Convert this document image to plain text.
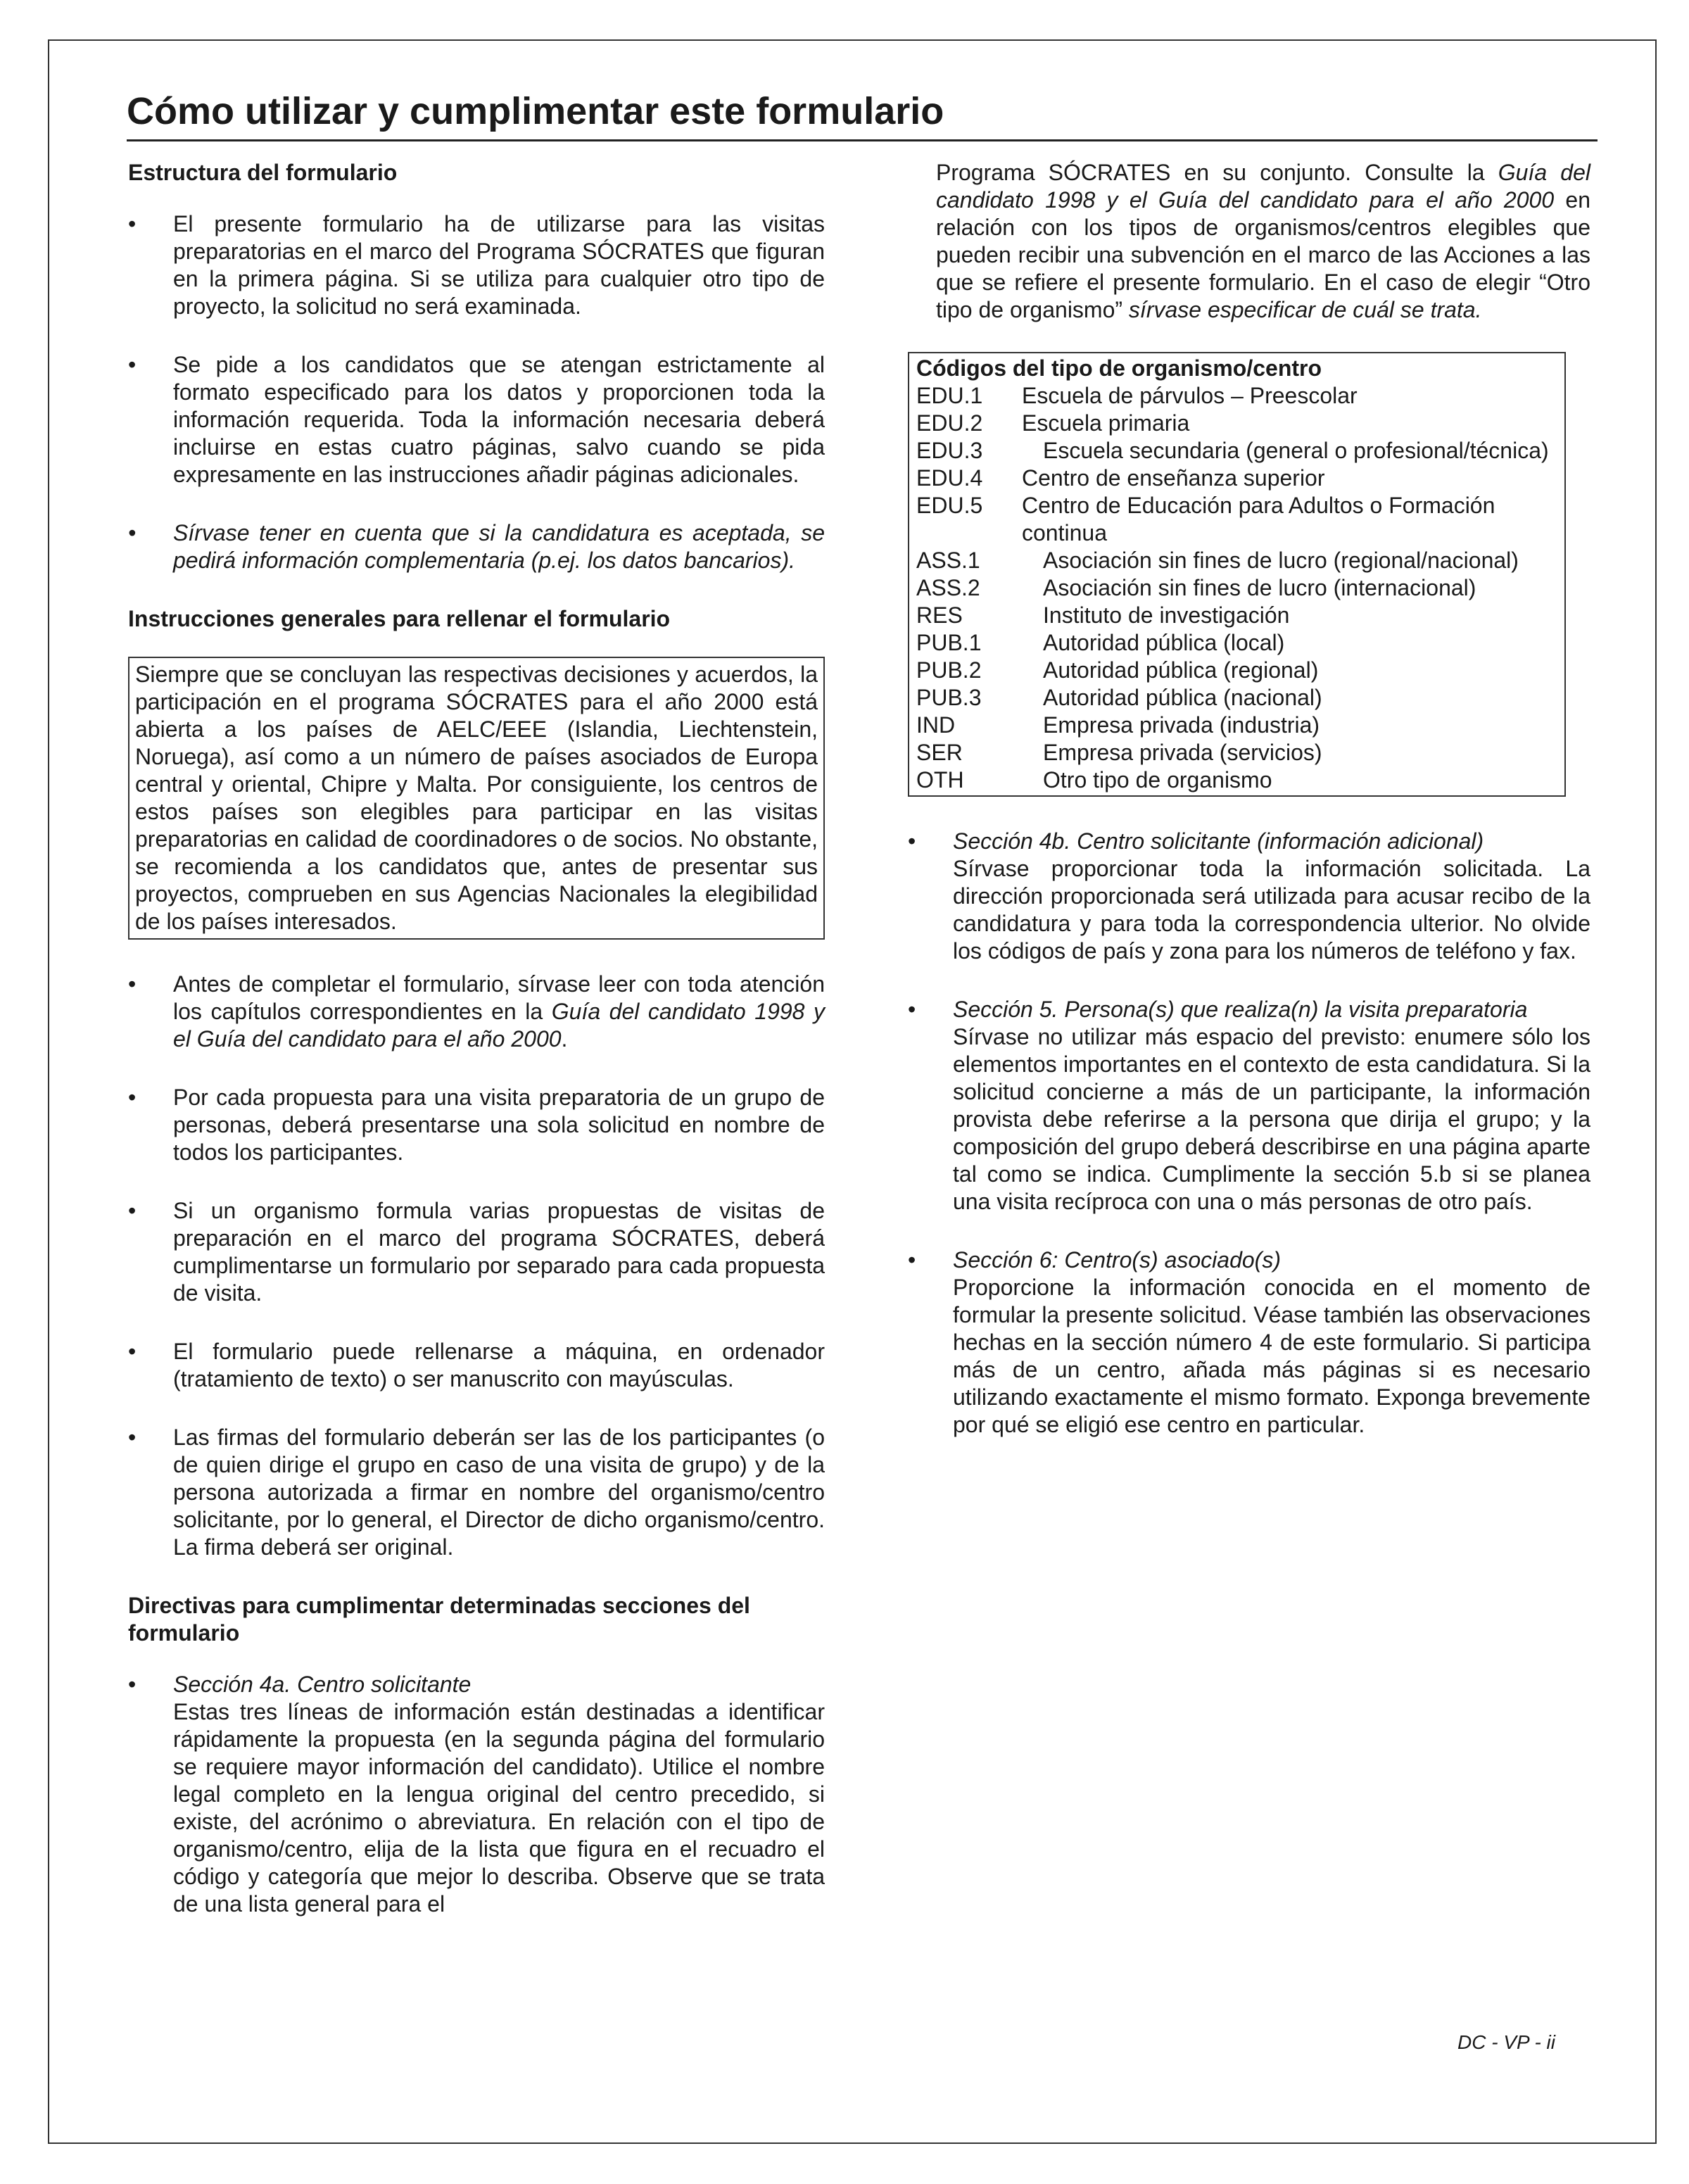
Cómo utilizar y cumplimentar este formulario
Estructura del formulario
• El presente formulario ha de utilizarse para las visitas preparatorias en el marco del Programa SÓCRATES que figuran en la primera página. Si se utiliza para cualquier otro tipo de proyecto, la solicitud no será examinada.
• Se pide a los candidatos que se atengan estrictamente al formato especificado para los datos y proporcionen toda la información requerida. Toda la información necesaria deberá incluirse en estas cuatro páginas, salvo cuando se pida expresamente en las instrucciones añadir páginas adicionales.
• Sírvase tener en cuenta que si la candidatura es aceptada, se pedirá información complementaria (p.ej. los datos bancarios).
Instrucciones generales para rellenar el formulario
Siempre que se concluyan las respectivas decisiones y acuerdos, la participación en el programa SÓCRATES para el año 2000 está abierta a los países de AELC/EEE (Islandia, Liechtenstein, Noruega), así como a un número de países asociados de Europa central y oriental, Chipre y Malta. Por consiguiente, los centros de estos países son elegibles para participar en las visitas preparatorias en calidad de coordinadores o de socios. No obstante, se recomienda a los candidatos que, antes de presentar sus proyectos, comprueben en sus Agencias Nacionales la elegibilidad de los países interesados.
• Antes de completar el formulario, sírvase leer con toda atención los capítulos correspondientes en la Guía del candidato 1998 y el Guía del candidato para el año 2000.
• Por cada propuesta para una visita preparatoria de un grupo de personas, deberá presentarse una sola solicitud en nombre de todos los participantes.
• Si un organismo formula varias propuestas de visitas de preparación en el marco del programa SÓCRATES, deberá cumplimentarse un formulario por separado para cada propuesta de visita.
• El formulario puede rellenarse a máquina, en ordenador (tratamiento de texto) o ser manuscrito con mayúsculas.
• Las firmas del formulario deberán ser las de los participantes (o de quien dirige el grupo en caso de una visita de grupo) y de la persona autorizada a firmar en nombre del organismo/centro solicitante, por lo general, el Director de dicho organismo/centro. La firma deberá ser original.
Directivas para cumplimentar determinadas secciones del formulario
• Sección 4a. Centro solicitante

Estas tres líneas de información están destinadas a identificar rápidamente la propuesta (en la segunda página del formulario se requiere mayor información del candidato). Utilice el nombre legal completo en la lengua original del centro precedido, si existe, del acrónimo o abreviatura. En relación con el tipo de organismo/centro, elija de la lista que figura en el recuadro el código y categoría que mejor lo describa. Observe que se trata de una lista general para el

Programa SÓCRATES en su conjunto. Consulte la Guía del candidato 1998 y el Guía del candidato para el año 2000 en relación con los tipos de organismos/centros elegibles que pueden recibir una subvención en el marco de las Acciones a las que se refiere el presente formulario. En el caso de elegir “Otro tipo de organismo” sírvase especificar de cuál se trata.

Códigos del tipo de organismo/centro
EDU.1	Escuela de párvulos – Preescolar
EDU.2	Escuela primaria
EDU.3	Escuela secundaria (general o profesional/técnica)
EDU.4	Centro de enseñanza superior
EDU.5	Centro de Educación para Adultos o Formación continua
ASS.1	Asociación sin fines de lucro (regional/nacional)
ASS.2	Asociación sin fines de lucro (internacional)
RES	Instituto de investigación
PUB.1	Autoridad pública (local)
PUB.2	Autoridad pública (regional)
PUB.3	Autoridad pública (nacional)
IND	Empresa privada (industria)
SER	Empresa privada (servicios)
OTH	Otro tipo de organismo
• Sección 4b. Centro solicitante (información adicional)

Sírvase proporcionar toda la información solicitada. La dirección proporcionada será utilizada para acusar recibo de la candidatura y para toda la correspondencia ulterior. No olvide los códigos de país y zona para los números de teléfono y fax.

• Sección 5. Persona(s) que realiza(n) la visita preparatoria

Sírvase no utilizar más espacio del previsto: enumere sólo los elementos importantes en el contexto de esta candidatura. Si la solicitud concierne a más de un participante, la información provista debe referirse a la persona que dirija el grupo; y la composición del grupo deberá describirse en una página aparte tal como se indica. Cumplimente la sección 5.b si se planea una visita recíproca con una o más personas de otro país.

• Sección 6: Centro(s) asociado(s)

Proporcione la información conocida en el momento de formular la presente solicitud. Véase también las observaciones hechas en la sección número 4 de este formulario. Si participa más de un centro, añada más páginas si es necesario utilizando exactamente el mismo formato. Exponga brevemente por qué se eligió ese centro en particular.

DC - VP - ii
